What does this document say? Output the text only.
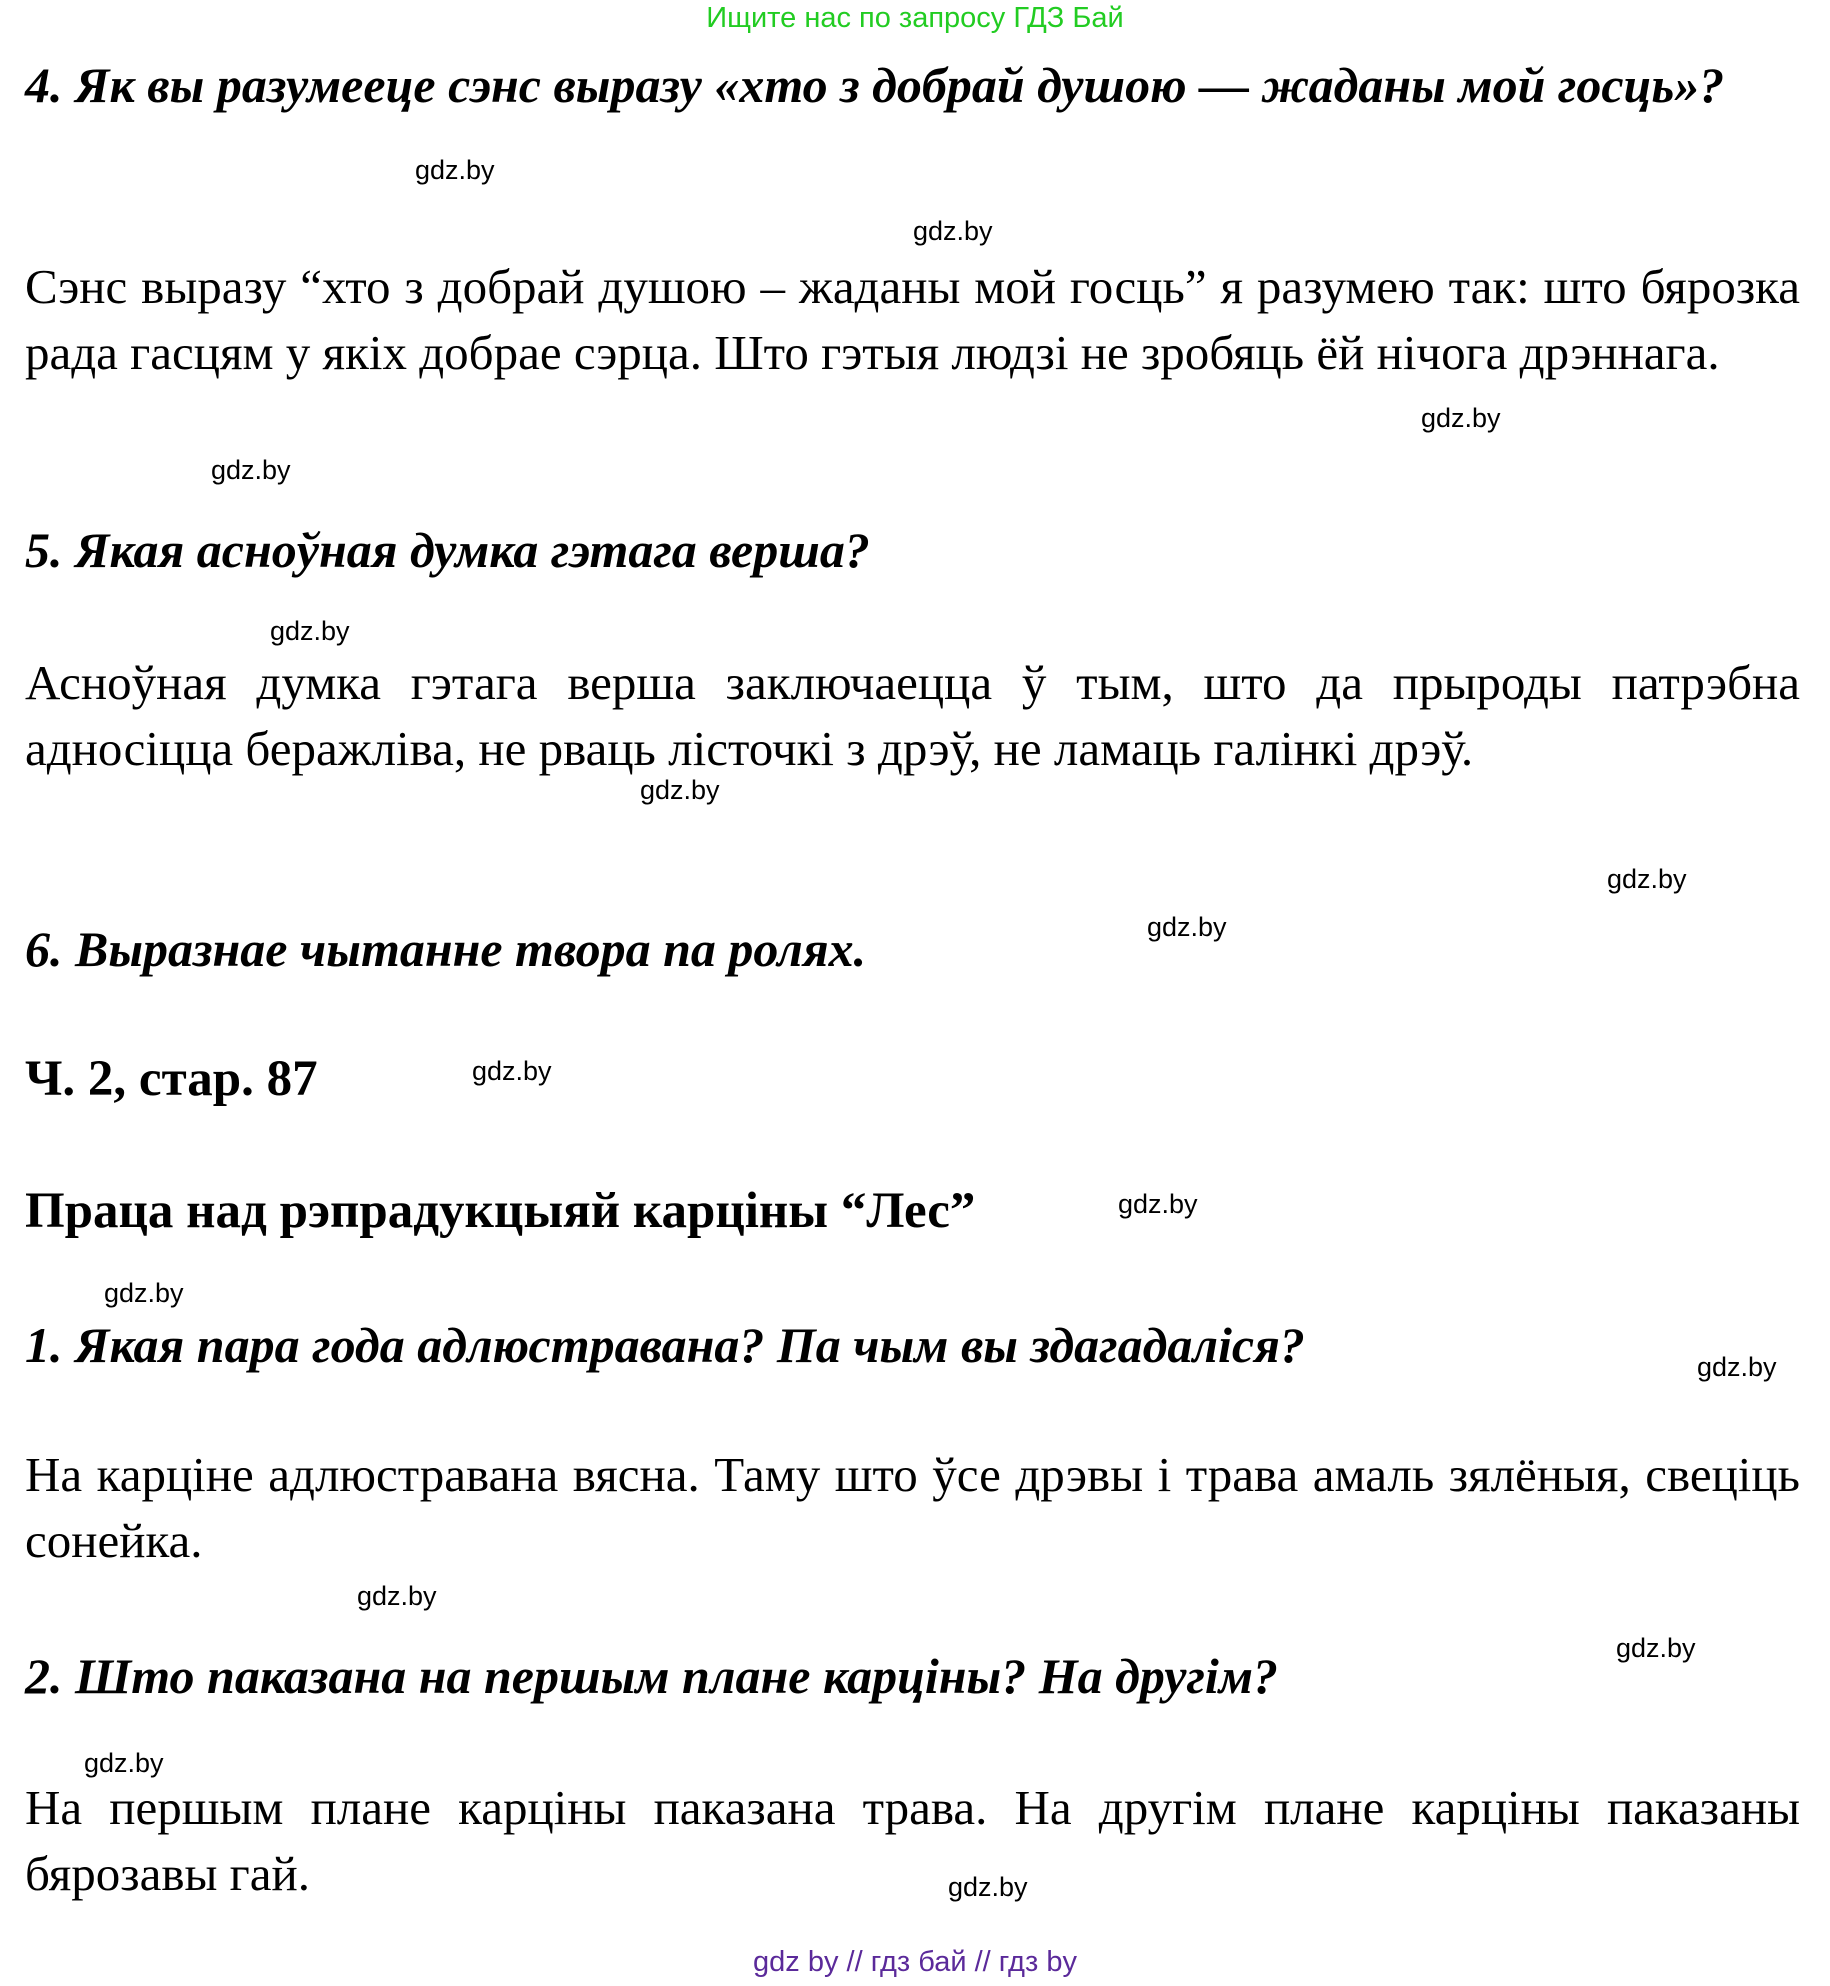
Ищите нас по запросу ГДЗ Бай
4. Як вы разумееце сэнс выразу «хто з добрай душою — жаданы мой госць»?
gdz.by
gdz.by
Сэнс выразу “хто з добрай душою – жаданы мой госць” я разумею так: што бярозка рада гасцям у якіх добрае сэрца. Што гэтыя людзі не зробяць ёй нічога дрэннага.
gdz.by
gdz.by
5. Якая асноўная думка гэтага верша?
gdz.by
Асноўная думка гэтага верша заключаецца ў тым, што да прыроды патрэбна адносіцца беражліва, не рваць лісточкі з дрэў, не ламаць галінкі дрэў.
gdz.by
gdz.by
gdz.by
6. Выразнае чытанне твора па ролях.
Ч. 2, стар. 87	gdz.by
Праца над рэпрадукцыяй карціны “Лес”	gdz.by
gdz.by
1. Якая пара года адлюстравана? Па чым вы здагадаліся?	gdz.by
На карціне адлюстравана вясна. Таму што ўсе дрэвы і трава амаль зялёныя, свеціць сонейка.
gdz.by
gdz.by
2. Што паказана на першым плане карціны? На другім?
gdz.by
На першым плане карціны паказана трава. На другім плане карціны паказаны бярозавы гай.	gdz.by
gdz by // гдз бай // гдз by
